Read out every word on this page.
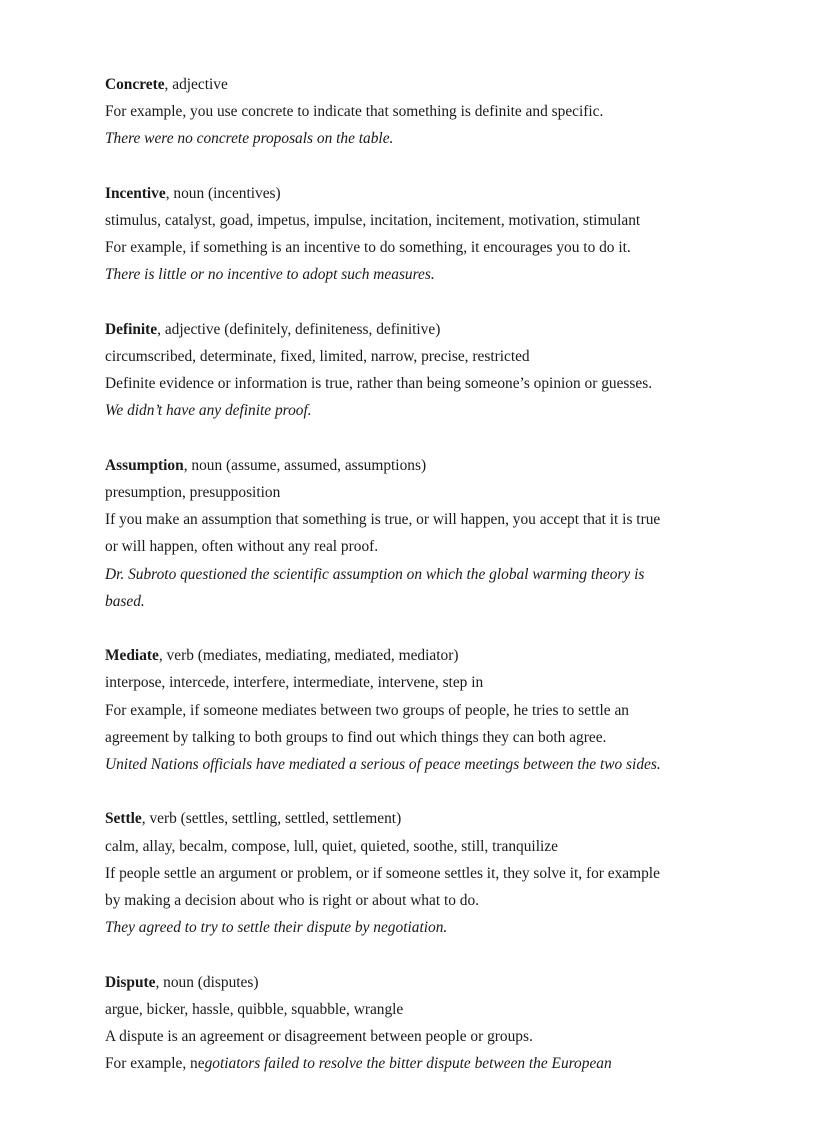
Concrete, adjective
For example, you use concrete to indicate that something is definite and specific.
There were no concrete proposals on the table.
Incentive, noun (incentives)
stimulus, catalyst, goad, impetus, impulse, incitation, incitement, motivation, stimulant
For example, if something is an incentive to do something, it encourages you to do it.
There is little or no incentive to adopt such measures.
Definite, adjective (definitely, definiteness, definitive)
circumscribed, determinate, fixed, limited, narrow, precise, restricted
Definite evidence or information is true, rather than being someone’s opinion or guesses.
We didn’t have any definite proof.
Assumption, noun (assume, assumed, assumptions)
presumption, presupposition
If you make an assumption that something is true, or will happen, you accept that it is true
or will happen, often without any real proof.
Dr. Subroto questioned the scientific assumption on which the global warming theory is
based.
Mediate, verb (mediates, mediating, mediated, mediator)
interpose, intercede, interfere, intermediate, intervene, step in
For example, if someone mediates between two groups of people, he tries to settle an
agreement by talking to both groups to find out which things they can both agree.
United Nations officials have mediated a serious of peace meetings between the two sides.
Settle, verb (settles, settling, settled, settlement)
calm, allay, becalm, compose, lull, quiet, quieted, soothe, still, tranquilize
If people settle an argument or problem, or if someone settles it, they solve it, for example
by making a decision about who is right or about what to do.
They agreed to try to settle their dispute by negotiation.
Dispute, noun (disputes)
argue, bicker, hassle, quibble, squabble, wrangle
A dispute is an agreement or disagreement between people or groups.
For example, negotiators failed to resolve the bitter dispute between the European
